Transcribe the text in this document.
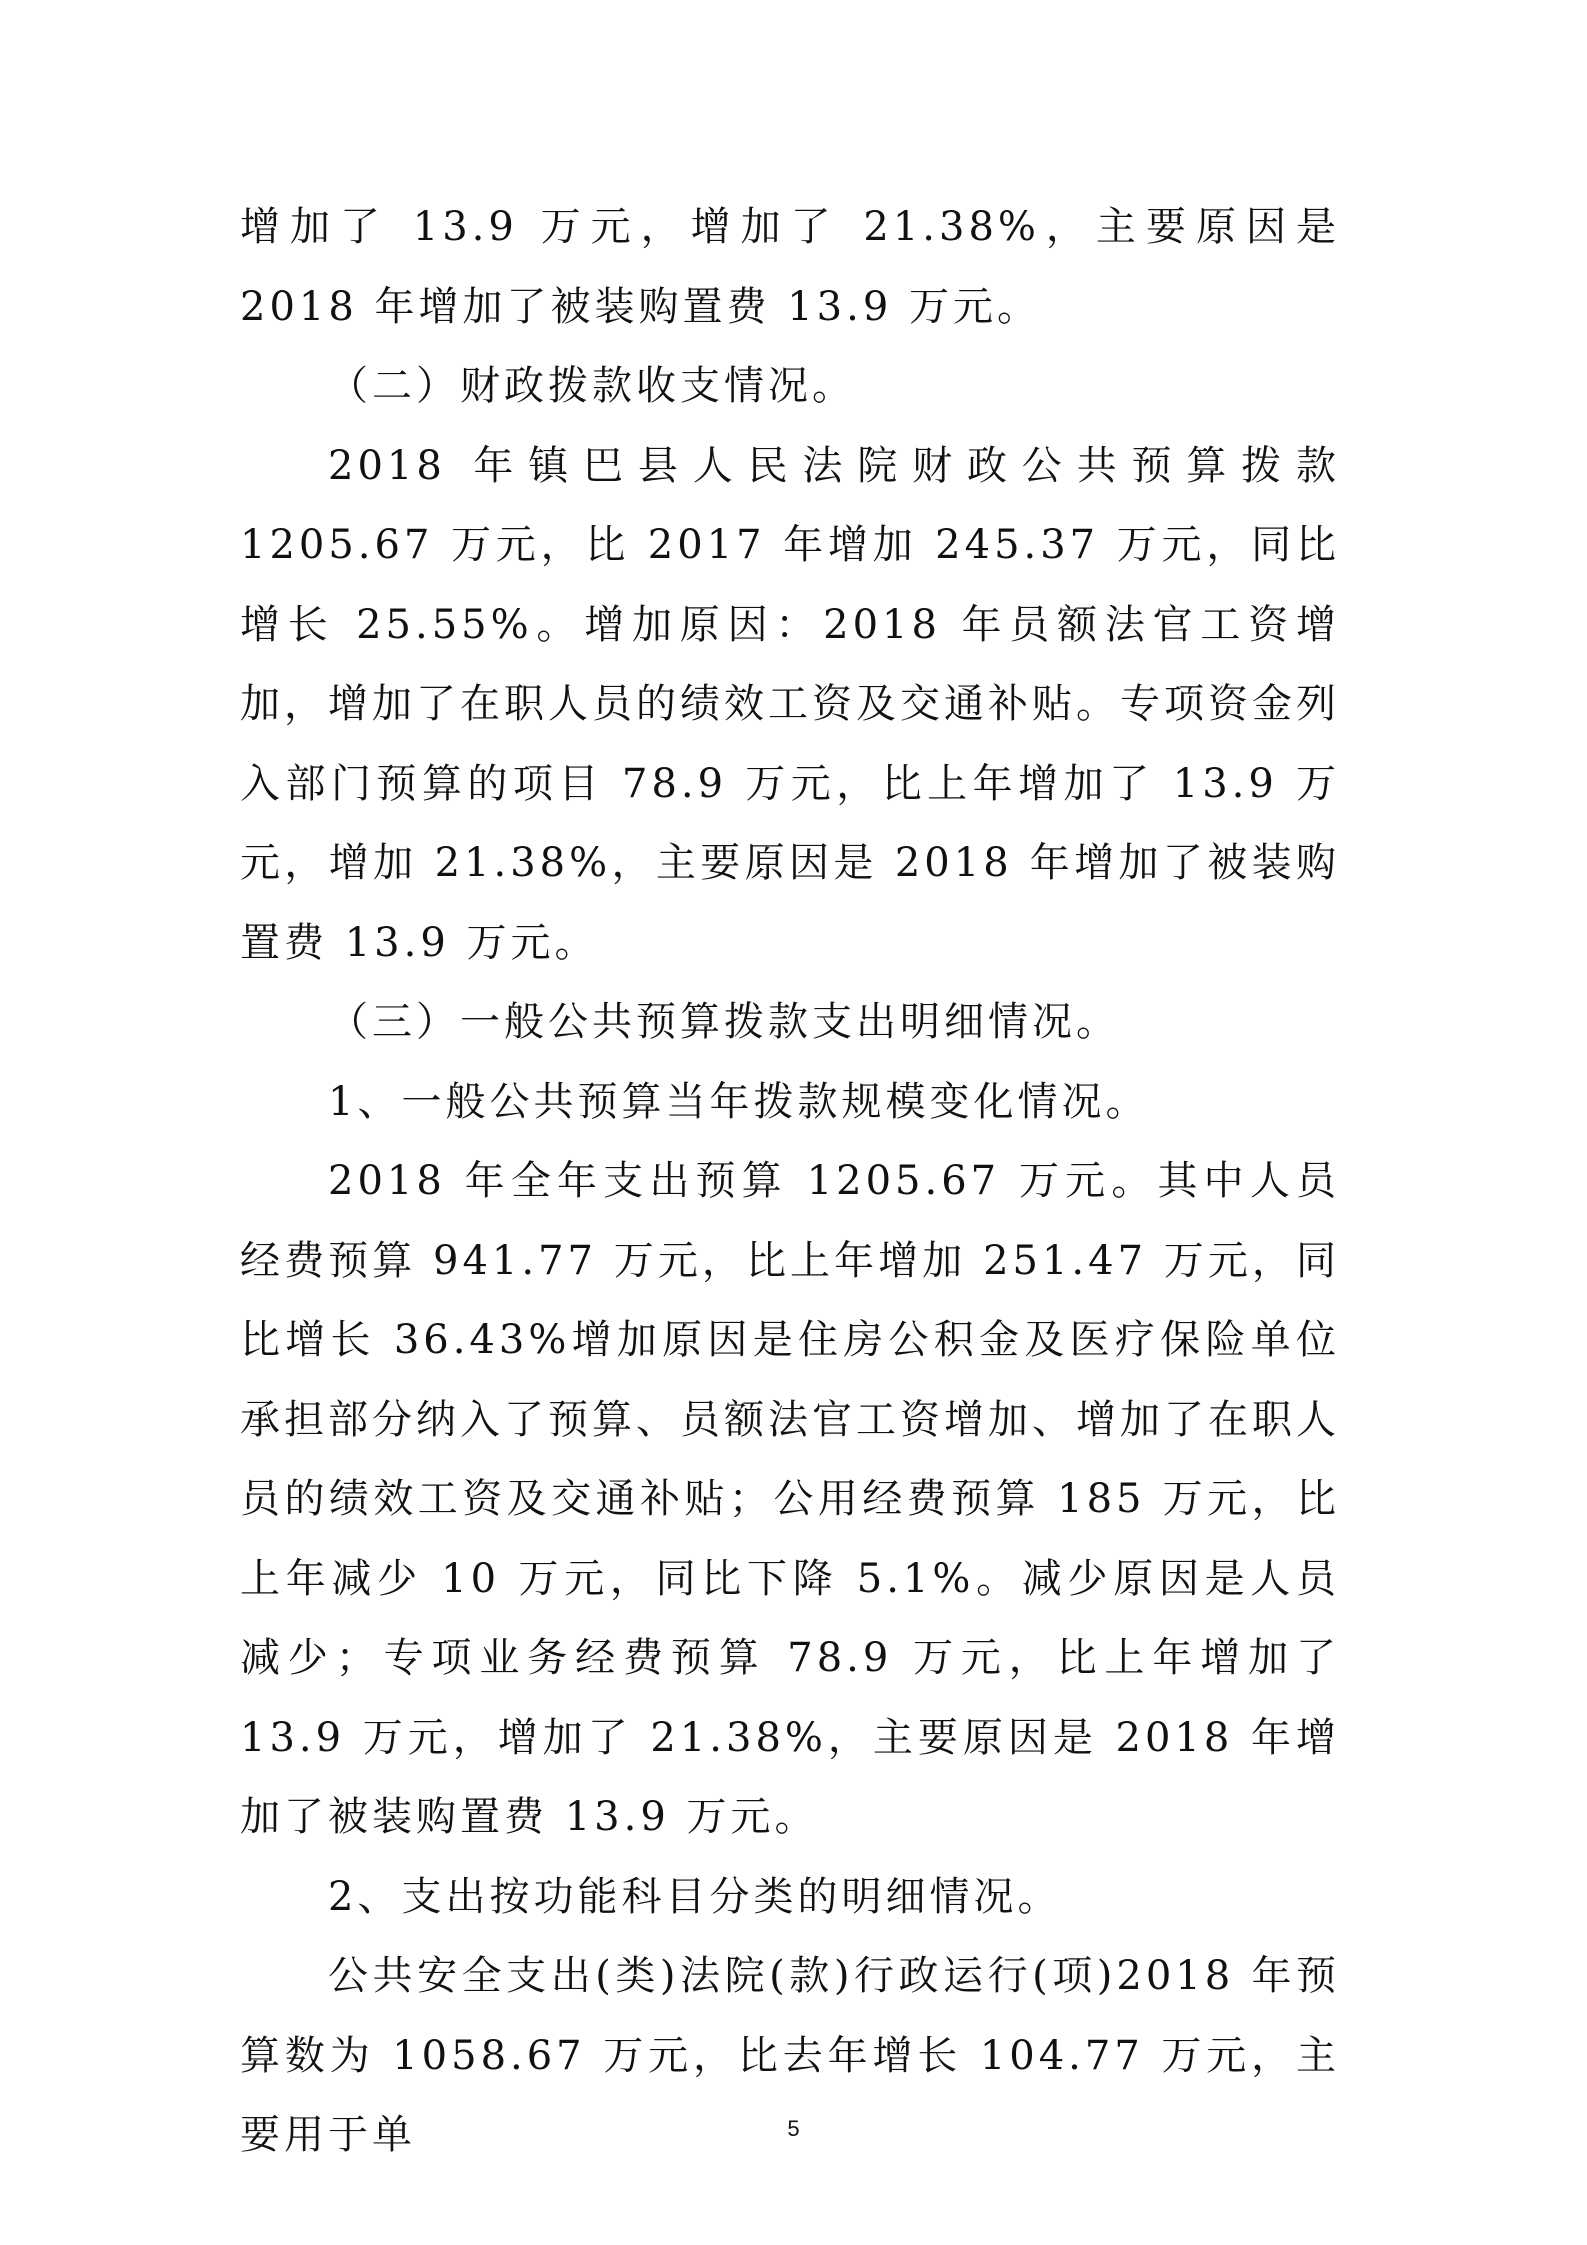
增加了 13.9 万元，增加了 21.38%，主要原因是 2018 年增加了被装购置费 13.9 万元。

（二）财政拨款收支情况。

2018 年镇巴县人民法院财政公共预算拨款 1205.67 万元，比 2017 年增加 245.37 万元，同比增长 25.55%。增加原因：2018 年员额法官工资增加，增加了在职人员的绩效工资及交通补贴。专项资金列入部门预算的项目 78.9 万元，比上年增加了 13.9 万元，增加 21.38%，主要原因是 2018 年增加了被装购置费 13.9 万元。

（三）一般公共预算拨款支出明细情况。

1、一般公共预算当年拨款规模变化情况。

2018 年全年支出预算 1205.67 万元。其中人员经费预算 941.77 万元，比上年增加 251.47 万元，同比增长 36.43%增加原因是住房公积金及医疗保险单位承担部分纳入了预算、员额法官工资增加、增加了在职人员的绩效工资及交通补贴；公用经费预算 185 万元，比上年减少 10 万元，同比下降 5.1%。减少原因是人员减少；专项业务经费预算 78.9 万元，比上年增加了 13.9 万元，增加了 21.38%，主要原因是 2018 年增加了被装购置费 13.9 万元。

2、支出按功能科目分类的明细情况。

公共安全支出(类)法院(款)行政运行(项)2018 年预算数为 1058.67 万元，比去年增长 104.77 万元，主要用于单	5
